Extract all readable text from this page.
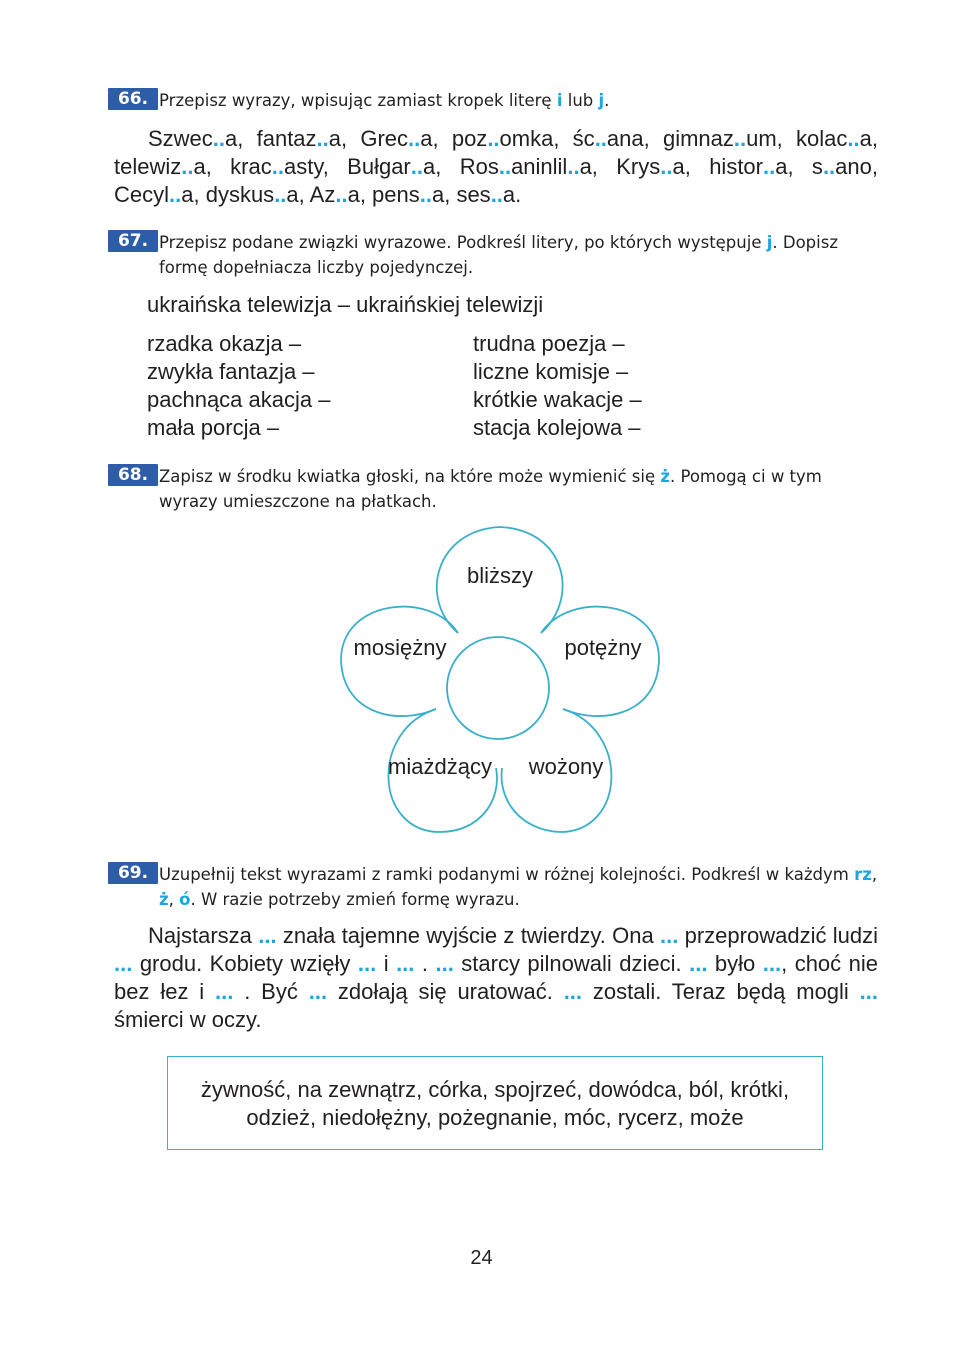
66. Przepisz wyrazy, wpisując zamiast kropek literę i lub j.
Szwec..a, fantaz..a, Grec..a, poz..omka, śc..ana, gimnaz..um, kolac..a, telewiz..a, krac..asty, Bułgar..a, Ros..aninlil..a, Krys..a, histor..a, s..ano, Cecyl..a, dyskus..a, Az..a, pens..a, ses..a.
67. Przepisz podane związki wyrazowe. Podkreśl litery, po których występuje j. Dopisz formę dopełniacza liczby pojedynczej.
ukraińska telewizja – ukraińskiej telewizji
rzadka okazja –
zwykła fantazja –
pachnąca akacja –
mała porcja –
trudna poezja –
liczne komisje –
krótkie wakacje –
stacja kolejowa –
68. Zapisz w środku kwiatka głoski, na które może wymienić się ż. Pomogą ci w tym wyrazy umieszczone na płatkach.
bliższy
potężny
wożony
miażdżący
mosiężny
69. Uzupełnij tekst wyrazami z ramki podanymi w różnej kolejności. Podkreśl w każdym rz, ż, ó. W razie potrzeby zmień formę wyrazu.
Najstarsza ... znała tajemne wyjście z twierdzy. Ona ... przeprowadzić ludzi ... grodu. Kobiety wzięły ... i ... . ... starcy pilnowali dzieci. ... było ..., choć nie bez łez i ... . Być ... zdołają się uratować. ... zostali. Teraz będą mogli ... śmierci w oczy.
żywność, na zewnątrz, córka, spojrzeć, dowódca, ból, krótki,
odzież, niedołężny, pożegnanie, móc, rycerz, może
24
